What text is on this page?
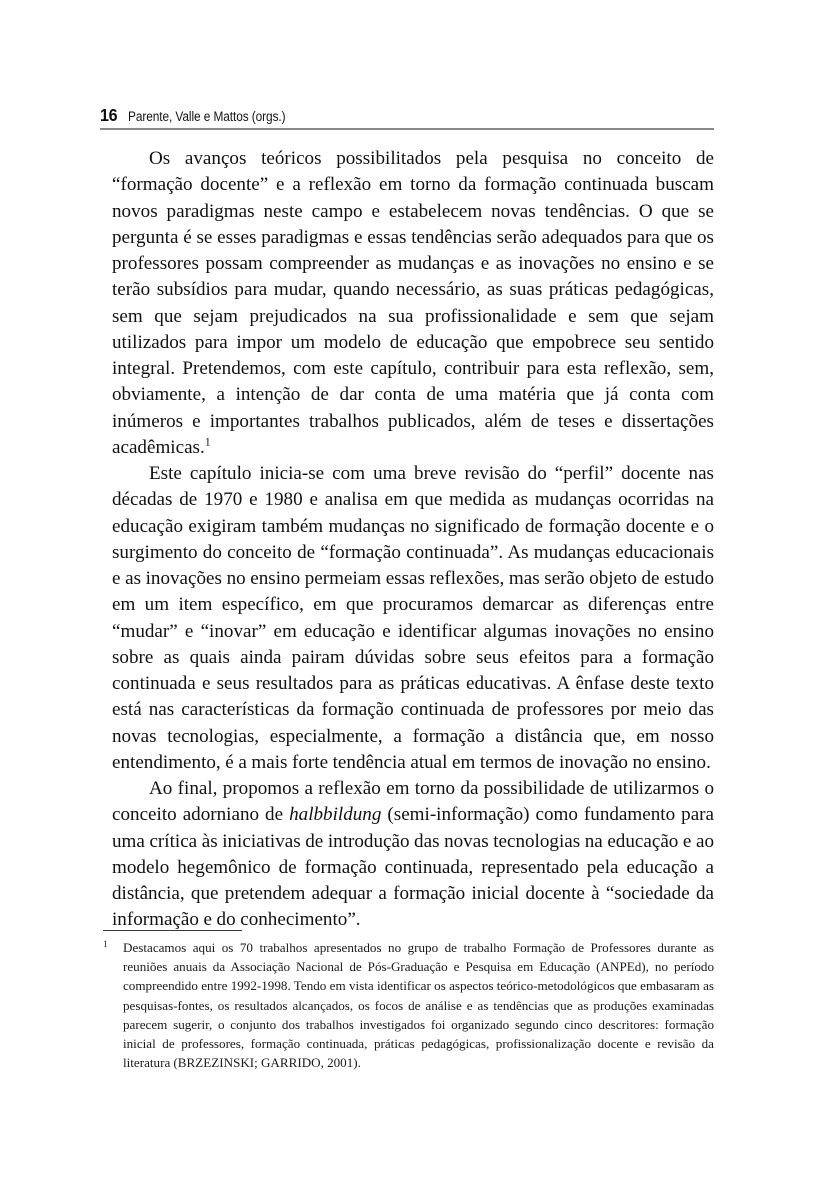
16 Parente, Valle e Mattos (orgs.)

Os avanços teóricos possibilitados pela pesquisa no conceito de “formação docente” e a reflexão em torno da formação continuada buscam novos paradigmas neste campo e estabelecem novas tendências. O que se pergunta é se esses paradigmas e essas tendências serão adequados para que os professores possam compreender as mudanças e as inovações no ensino e se terão subsídios para mudar, quando necessário, as suas práticas pedagógicas, sem que sejam prejudicados na sua profissionalidade e sem que sejam utilizados para impor um modelo de educação que empobrece seu sentido integral. Pretendemos, com este capítulo, contribuir para esta reflexão, sem, obviamente, a intenção de dar conta de uma matéria que já conta com inúmeros e importantes trabalhos publicados, além de teses e dissertações acadêmicas.$^1$

Este capítulo inicia-se com uma breve revisão do “perfil” docente nas décadas de 1970 e 1980 e analisa em que medida as mudanças ocorridas na educação exigiram também mudanças no significado de formação docente e o surgimento do conceito de “formação continuada”. As mudanças educacionais e as inovações no ensino permeiam essas reflexões, mas serão objeto de estudo em um item específico, em que procuramos demarcar as diferenças entre “mudar” e “inovar” em educação e identificar algumas inovações no ensino sobre as quais ainda pairam dúvidas sobre seus efeitos para a formação continuada e seus resultados para as práticas educativas. A ênfase deste texto está nas características da formação continuada de professores por meio das novas tecnologias, especialmente, a formação a distância que, em nosso entendimento, é a mais forte tendência atual em termos de inovação no ensino.

Ao final, propomos a reflexão em torno da possibilidade de utilizarmos o conceito adorniano de halbbildung (semi-informação) como fundamento para uma crítica às iniciativas de introdução das novas tecnologias na educação e ao modelo hegemônico de formação continuada, representado pela educação a distância, que pretendem adequar a formação inicial docente à “sociedade da informação e do conhecimento”.

1 Destacamos aqui os 70 trabalhos apresentados no grupo de trabalho Formação de Professores durante as reuniões anuais da Associação Nacional de Pós-Graduação e Pesquisa em Educação (ANPEd), no período compreendido entre 1992-1998. Tendo em vista identificar os aspectos teórico-metodológicos que embasaram as pesquisas-fontes, os resultados alcançados, os focos de análise e as tendências que as produções examinadas parecem sugerir, o conjunto dos trabalhos investigados foi organizado segundo cinco descritores: formação inicial de professores, formação continuada, práticas pedagógicas, profissionalização docente e revisão da literatura (BRZEZINSKI; GARRIDO, 2001).
